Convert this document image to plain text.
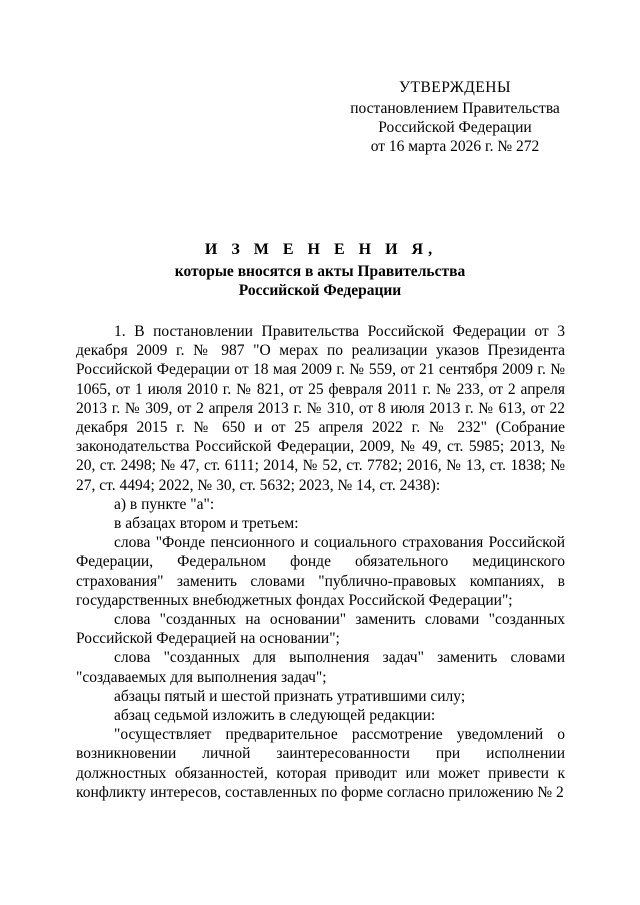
УТВЕРЖДЕНЫ
постановлением Правительства
Российской Федерации
от 16 марта 2026 г. № 272
И З М Е Н Е Н И Я,
которые вносятся в акты Правительства
Российской Федерации

1. В постановлении Правительства Российской Федерации от 3 декабря 2009 г. № 987 "О мерах по реализации указов Президента Российской Федерации от 18 мая 2009 г. № 559, от 21 сентября 2009 г. № 1065, от 1 июля 2010 г. № 821, от 25 февраля 2011 г. № 233, от 2 апреля 2013 г. № 309, от 2 апреля 2013 г. № 310, от 8 июля 2013 г. № 613, от 22 декабря 2015 г. № 650 и от 25 апреля 2022 г. № 232" (Собрание законодательства Российской Федерации, 2009, № 49, ст. 5985; 2013, № 20, ст. 2498; № 47, ст. 6111; 2014, № 52, ст. 7782; 2016, № 13, ст. 1838; № 27, ст. 4494; 2022, № 30, ст. 5632; 2023, № 14, ст. 2438):

а) в пункте "а":

в абзацах втором и третьем:

слова "Фонде пенсионного и социального страхования Российской Федерации, Федеральном фонде обязательного медицинского страхования" заменить словами "публично-правовых компаниях, в государственных внебюджетных фондах Российской Федерации";

слова "созданных на основании" заменить словами "созданных Российской Федерацией на основании";

слова "созданных для выполнения задач" заменить словами "создаваемых для выполнения задач";

абзацы пятый и шестой признать утратившими силу;

абзац седьмой изложить в следующей редакции:

"осуществляет предварительное рассмотрение уведомлений о возникновении личной заинтересованности при исполнении должностных обязанностей, которая приводит или может привести к конфликту интересов, составленных по форме согласно приложению № 2
